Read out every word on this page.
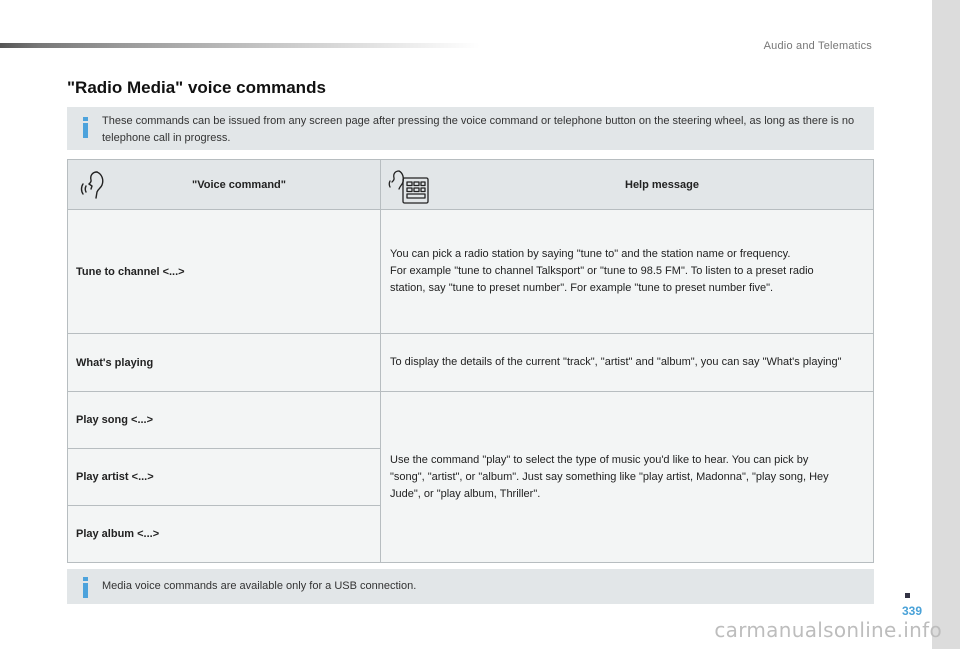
Audio and Telematics
"Radio Media" voice commands

These commands can be issued from any screen page after pressing the voice command or telephone button on the steering wheel, as long as there is no telephone call in progress.

"Voice command"	Help message

Tune to channel <...>	You can pick a radio station by saying "tune to" and the station name or frequency.
For example "tune to channel Talksport" or "tune to 98.5 FM". To listen to a preset radio station, say "tune to preset number". For example "tune to preset number five".
What's playing	To display the details of the current "track", "artist" and "album", you can say "What's playing"
Play song <...>	Use the command "play" to select the type of music you'd like to hear. You can pick by "song", "artist", or "album". Just say something like "play artist, Madonna", "play song, Hey Jude", or "play album, Thriller".
Play artist <...>	
Play album <...>	

Media voice commands are available only for a USB connection.

339
carmanualsonline.info
